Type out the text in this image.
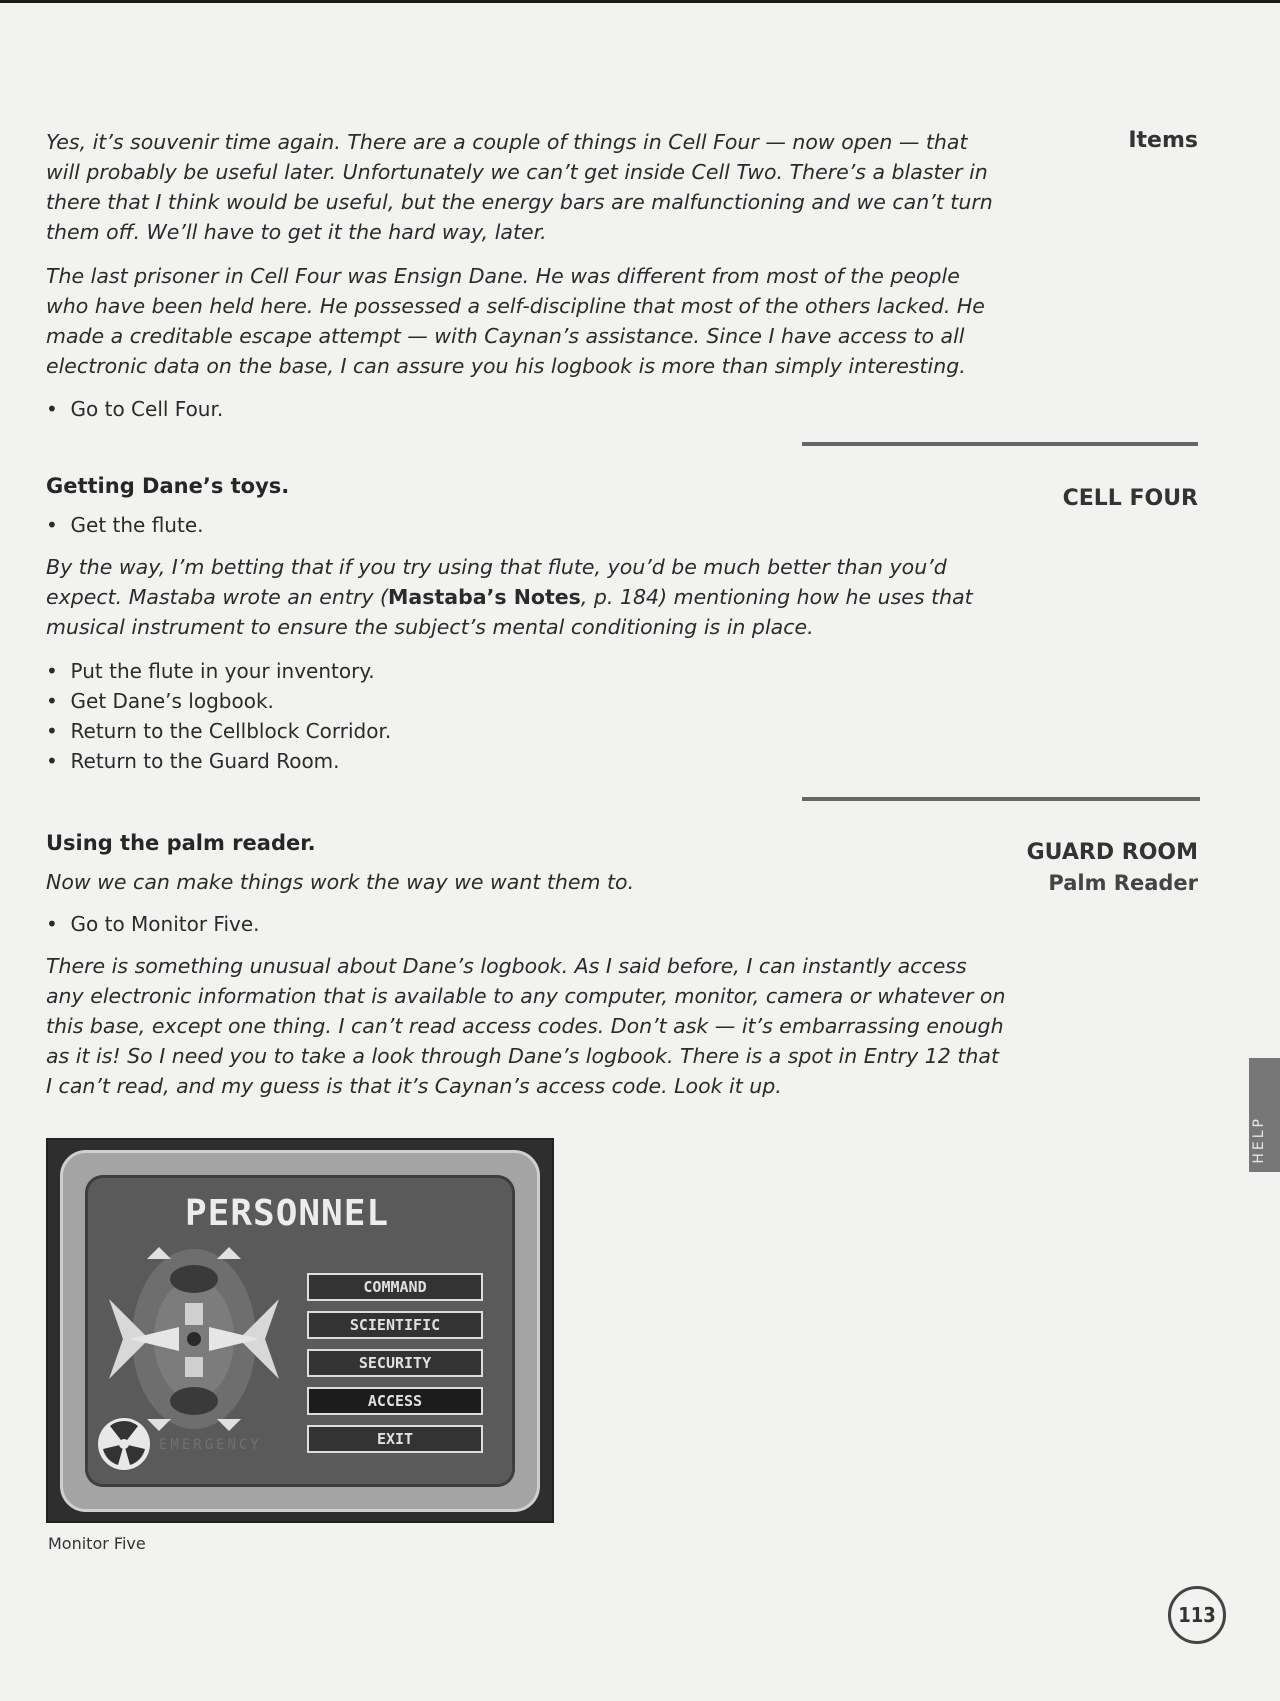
Items

Yes, it’s souvenir time again. There are a couple of things in Cell Four — now open — that will probably be useful later. Unfortunately we can’t get inside Cell Two. There’s a blaster in there that I think would be useful, but the energy bars are malfunctioning and we can’t turn them off. We’ll have to get it the hard way, later.

The last prisoner in Cell Four was Ensign Dane. He was different from most of the people who have been held here. He possessed a self-discipline that most of the others lacked. He made a creditable escape attempt — with Caynan’s assistance. Since I have access to all electronic data on the base, I can assure you his logbook is more than simply interesting.

•  Go to Cell Four.

CELL FOUR

Getting Dane’s toys.

•  Get the flute.

By the way, I’m betting that if you try using that flute, you’d be much better than you’d expect. Mastaba wrote an entry (Mastaba’s Notes, p. 184) mentioning how he uses that musical instrument to ensure the subject’s mental conditioning is in place.

•  Put the flute in your inventory.

•  Get Dane’s logbook.

•  Return to the Cellblock Corridor.

•  Return to the Guard Room.

GUARD ROOM
Palm Reader

Using the palm reader.

Now we can make things work the way we want them to.

•  Go to Monitor Five.

There is something unusual about Dane’s logbook. As I said before, I can instantly access any electronic information that is available to any computer, monitor, camera or whatever on this base, except one thing. I can’t read access codes. Don’t ask — it’s embarrassing enough as it is! So I need you to take a look through Dane’s logbook. There is a spot in Entry 12 that I can’t read, and my guess is that it’s Caynan’s access code. Look it up.

PERSONNEL
COMMAND
SCIENTIFIC
SECURITY
ACCESS
EXIT
EMERGENCY
Monitor Five
HELP
113
